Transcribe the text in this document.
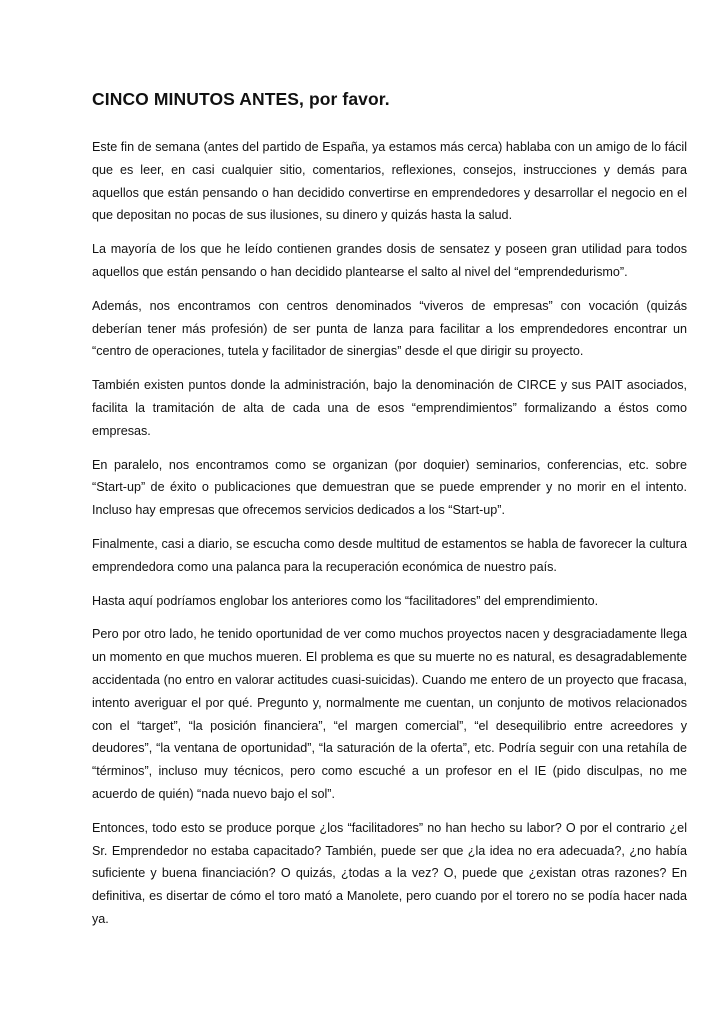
CINCO MINUTOS ANTES, por favor.

Este fin de semana (antes del partido de España, ya estamos más cerca) hablaba con un amigo de lo fácil que es leer, en casi cualquier sitio, comentarios, reflexiones, consejos, instrucciones y demás para aquellos que están pensando o han decidido convertirse en emprendedores y desarrollar el negocio en el que depositan no pocas de sus ilusiones, su dinero y quizás hasta la salud.

La mayoría de los que he leído contienen grandes dosis de sensatez y poseen gran utilidad para todos aquellos que están pensando o han decidido plantearse el salto al nivel del “emprendedurismo”.

Además, nos encontramos con centros denominados “viveros de empresas” con vocación (quizás deberían tener más profesión) de ser punta de lanza para facilitar a los emprendedores encontrar un “centro de operaciones, tutela y facilitador de sinergias” desde el que dirigir su proyecto.

También existen puntos donde la administración, bajo la denominación de CIRCE y sus PAIT asociados, facilita la tramitación de alta de cada una de esos “emprendimientos” formalizando a éstos como empresas.

En paralelo, nos encontramos como se organizan (por doquier) seminarios, conferencias, etc. sobre “Start-up” de éxito o publicaciones que demuestran que se puede emprender y no morir en el intento. Incluso hay empresas que ofrecemos servicios dedicados a los “Start-up”.

Finalmente, casi a diario, se escucha como desde multitud de estamentos se habla de favorecer la cultura emprendedora como una palanca para la recuperación económica de nuestro país.

Hasta aquí podríamos englobar los anteriores como los “facilitadores” del emprendimiento.

Pero por otro lado, he tenido oportunidad de ver como muchos proyectos nacen y desgraciadamente llega un momento en que muchos mueren. El problema es que su muerte no es natural, es desagradablemente accidentada (no entro en valorar actitudes cuasi-suicidas). Cuando me entero de un proyecto que fracasa, intento averiguar el por qué. Pregunto y, normalmente me cuentan, un conjunto de motivos relacionados con el “target”, “la posición financiera”, “el margen comercial”, “el desequilibrio entre acreedores y deudores”, “la ventana de oportunidad”, “la saturación de la oferta”, etc. Podría seguir con una retahíla de “términos”, incluso muy técnicos, pero como escuché a un profesor en el IE (pido disculpas, no me acuerdo de quién) “nada nuevo bajo el sol”.

Entonces, todo esto se produce porque ¿los “facilitadores” no han hecho su labor? O por el contrario ¿el Sr. Emprendedor no estaba capacitado? También, puede ser que ¿la idea no era adecuada?, ¿no había suficiente y buena financiación? O quizás, ¿todas a la vez? O, puede que ¿existan otras razones? En definitiva, es disertar de cómo el toro mató a Manolete, pero cuando por el torero no se podía hacer nada ya.
